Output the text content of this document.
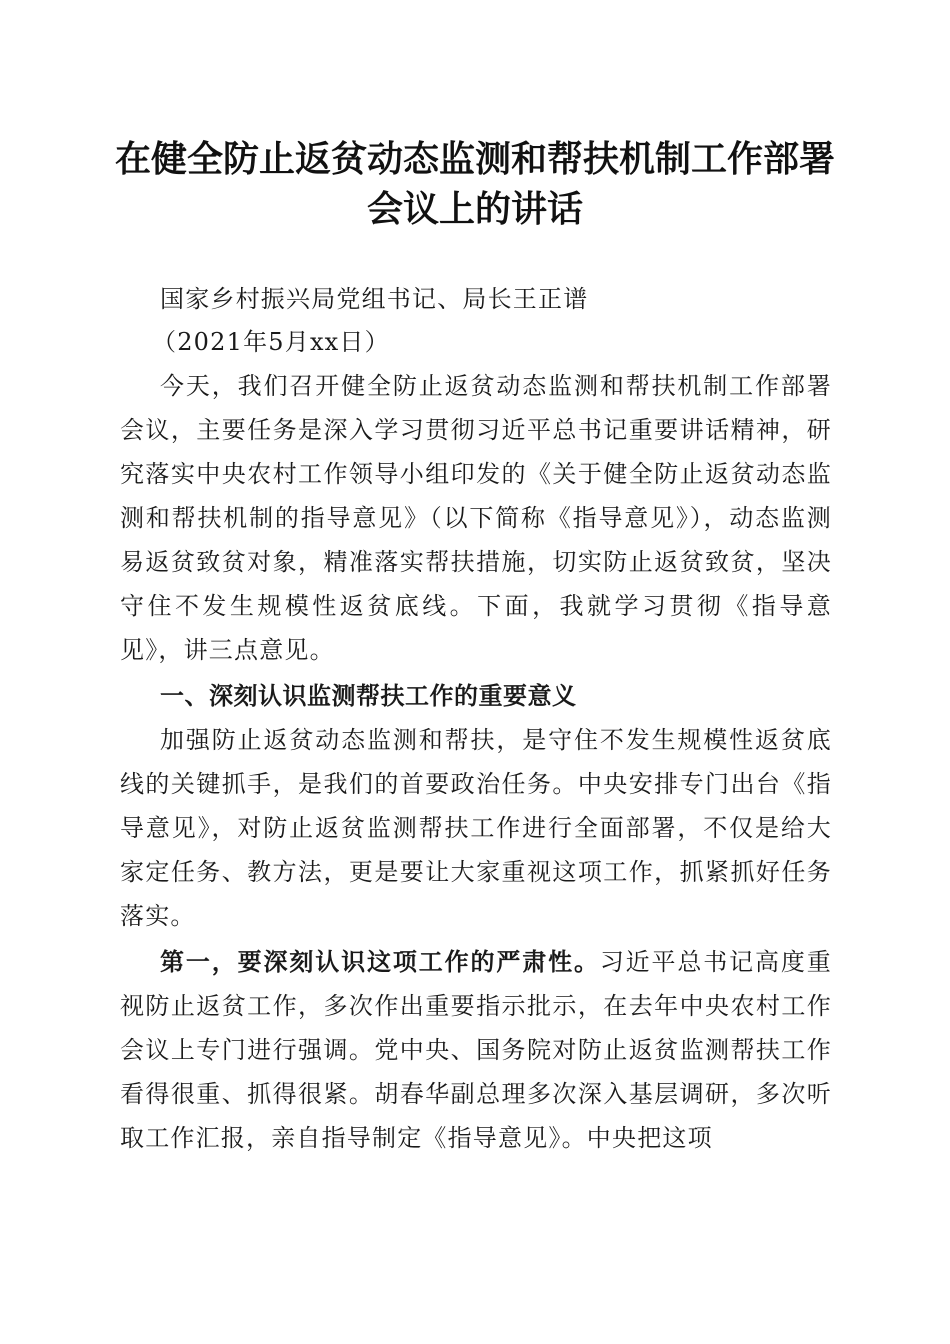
在健全防止返贫动态监测和帮扶机制工作部署
会议上的讲话

国家乡村振兴局党组书记、局长王正谱

（2021年5月xx日）

今天，我们召开健全防止返贫动态监测和帮扶机制工作部署会议，主要任务是深入学习贯彻习近平总书记重要讲话精神，研究落实中央农村工作领导小组印发的《关于健全防止返贫动态监测和帮扶机制的指导意见》（以下简称《指导意见》），动态监测易返贫致贫对象，精准落实帮扶措施，切实防止返贫致贫，坚决守住不发生规模性返贫底线。下面，我就学习贯彻《指导意见》，讲三点意见。

一、深刻认识监测帮扶工作的重要意义

加强防止返贫动态监测和帮扶，是守住不发生规模性返贫底线的关键抓手，是我们的首要政治任务。中央安排专门出台《指导意见》，对防止返贫监测帮扶工作进行全面部署，不仅是给大家定任务、教方法，更是要让大家重视这项工作，抓紧抓好任务落实。

第一，要深刻认识这项工作的严肃性。习近平总书记高度重视防止返贫工作，多次作出重要指示批示，在去年中央农村工作会议上专门进行强调。党中央、国务院对防止返贫监测帮扶工作看得很重、抓得很紧。胡春华副总理多次深入基层调研，多次听取工作汇报，亲自指导制定《指导意见》。中央把这项
